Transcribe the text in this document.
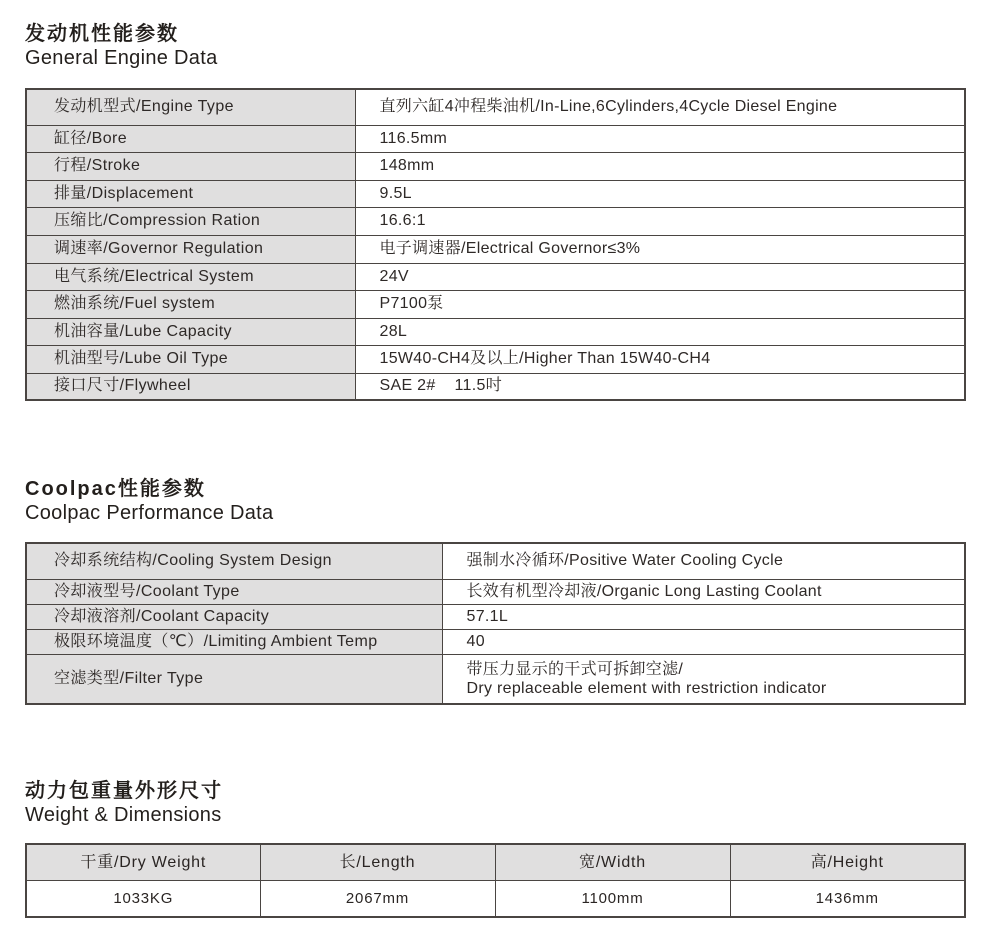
发动机性能参数
General Engine Data
发动机型式/Engine Type	直列六缸4冲程柴油机/In-Line,6Cylinders,4Cycle Diesel Engine
缸径/Bore	116.5mm
行程/Stroke	148mm
排量/Displacement	9.5L
压缩比/Compression Ration	16.6:1
调速率/Governor Regulation	电子调速器/Electrical Governor≤3%
电气系统/Electrical System	24V
燃油系统/Fuel system	P7100泵
机油容量/Lube Capacity	28L
机油型号/Lube Oil Type	15W40-CH4及以上/Higher Than 15W40-CH4
接口尺寸/Flywheel	SAE 2#    11.5吋
Coolpac性能参数
Coolpac Performance Data
冷却系统结构/Cooling System Design	强制水冷循环/Positive Water Cooling Cycle
冷却液型号/Coolant Type	长效有机型冷却液/Organic Long Lasting Coolant
冷却液溶剂/Coolant Capacity	57.1L
极限环境温度（℃）/Limiting Ambient Temp	40
空滤类型/Filter Type	带压力显示的干式可拆卸空滤/
Dry replaceable element with restriction indicator
动力包重量外形尺寸
Weight & Dimensions
干重/Dry Weight	长/Length	宽/Width	高/Height
1033KG	2067mm	1100mm	1436mm
